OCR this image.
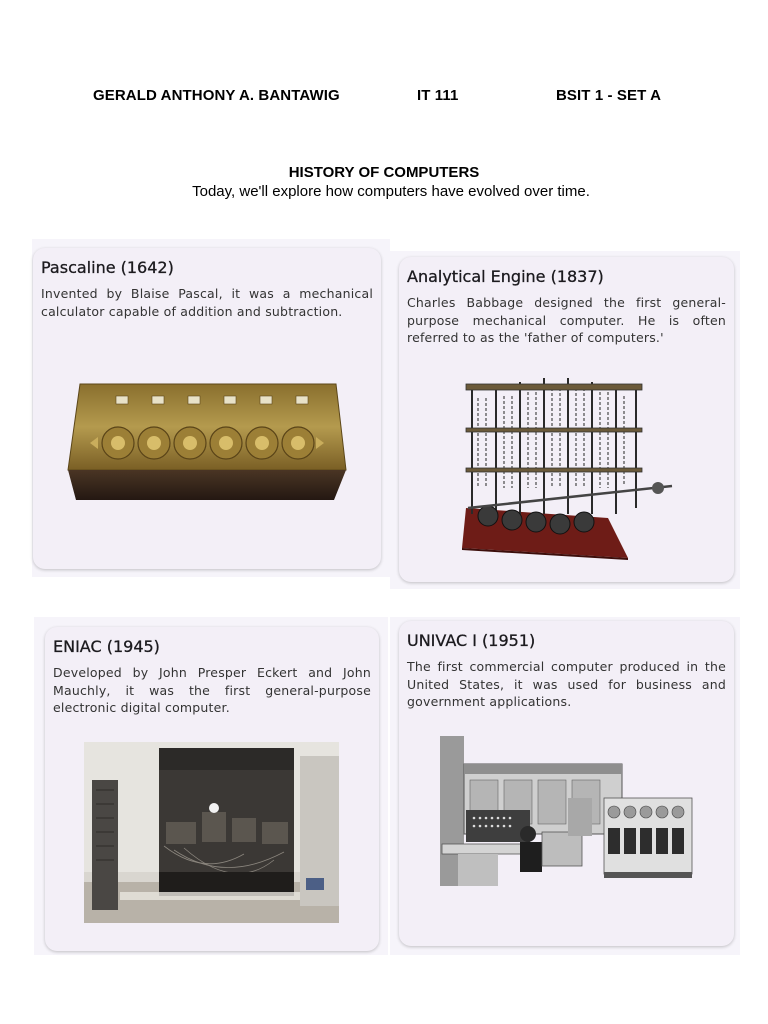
GERALD ANTHONY A. BANTAWIG	IT 111	BSIT 1 - SET A
HISTORY OF COMPUTERS
Today, we'll explore how computers have evolved over time.
Pascaline (1642)

Invented by Blaise Pascal, it was a mechanical calculator capable of addition and subtraction.

Analytical Engine (1837)

Charles Babbage designed the first general-purpose mechanical computer. He is often referred to as the 'father of computers.'

ENIAC (1945)

Developed by John Presper Eckert and John Mauchly, it was the first general-purpose electronic digital computer.

UNIVAC I (1951)

The first commercial computer produced in the United States, it was used for business and government applications.
